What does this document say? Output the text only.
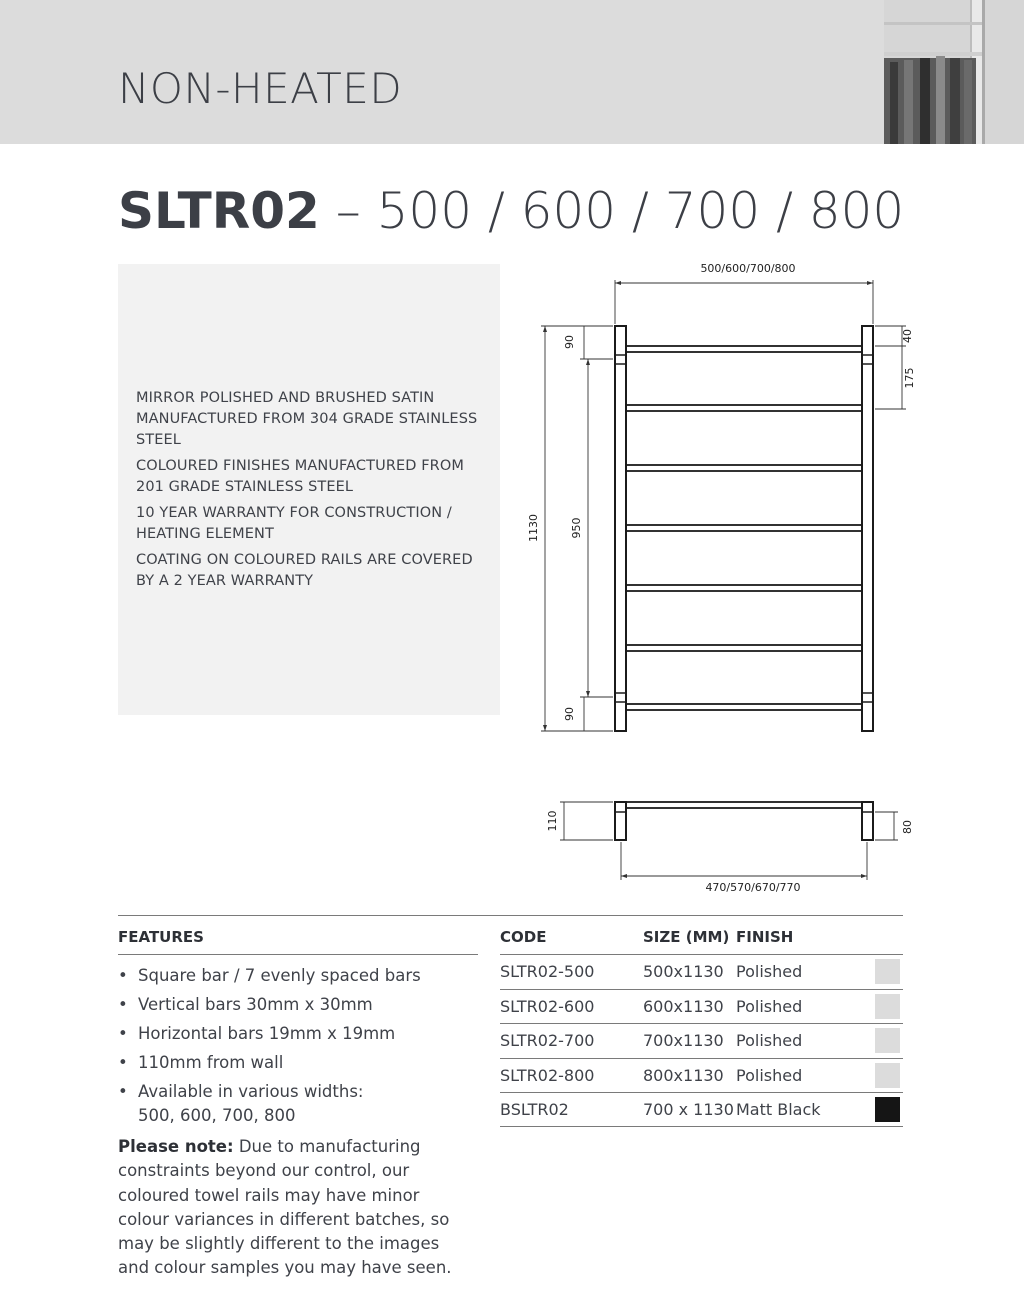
NON-HEATED
SLTR02 – 500 / 600 / 700 / 800
MIRROR POLISHED AND BRUSHED SATIN MANUFACTURED FROM 304 GRADE STAINLESS STEEL
COLOURED FINISHES MANUFACTURED FROM 201 GRADE STAINLESS STEEL
10 YEAR WARRANTY FOR CONSTRUCTION / HEATING ELEMENT
COATING ON COLOURED RAILS ARE COVERED BY A 2 YEAR WARRANTY
500/600/700/800
1130	950
90
90
40
175
110	80
470/570/670/770
FEATURES
• Square bar / 7 evenly spaced bars
• Vertical bars 30mm x 30mm
• Horizontal bars 19mm x 19mm
• 110mm from wall
• Available in various widths:
500, 600, 700, 800

Please note: Due to manufacturing constraints beyond our control, our coloured towel rails may have minor colour variances in different batches, so may be slightly different to the images and colour samples you may have seen.

CODE	SIZE (MM) FINISH
SLTR02-500	500x1130 Polished
SLTR02-600	600x1130 Polished
SLTR02-700	700x1130 Polished
SLTR02-800	800x1130 Polished
BSLTR02	700 x 1130 Matt Black
